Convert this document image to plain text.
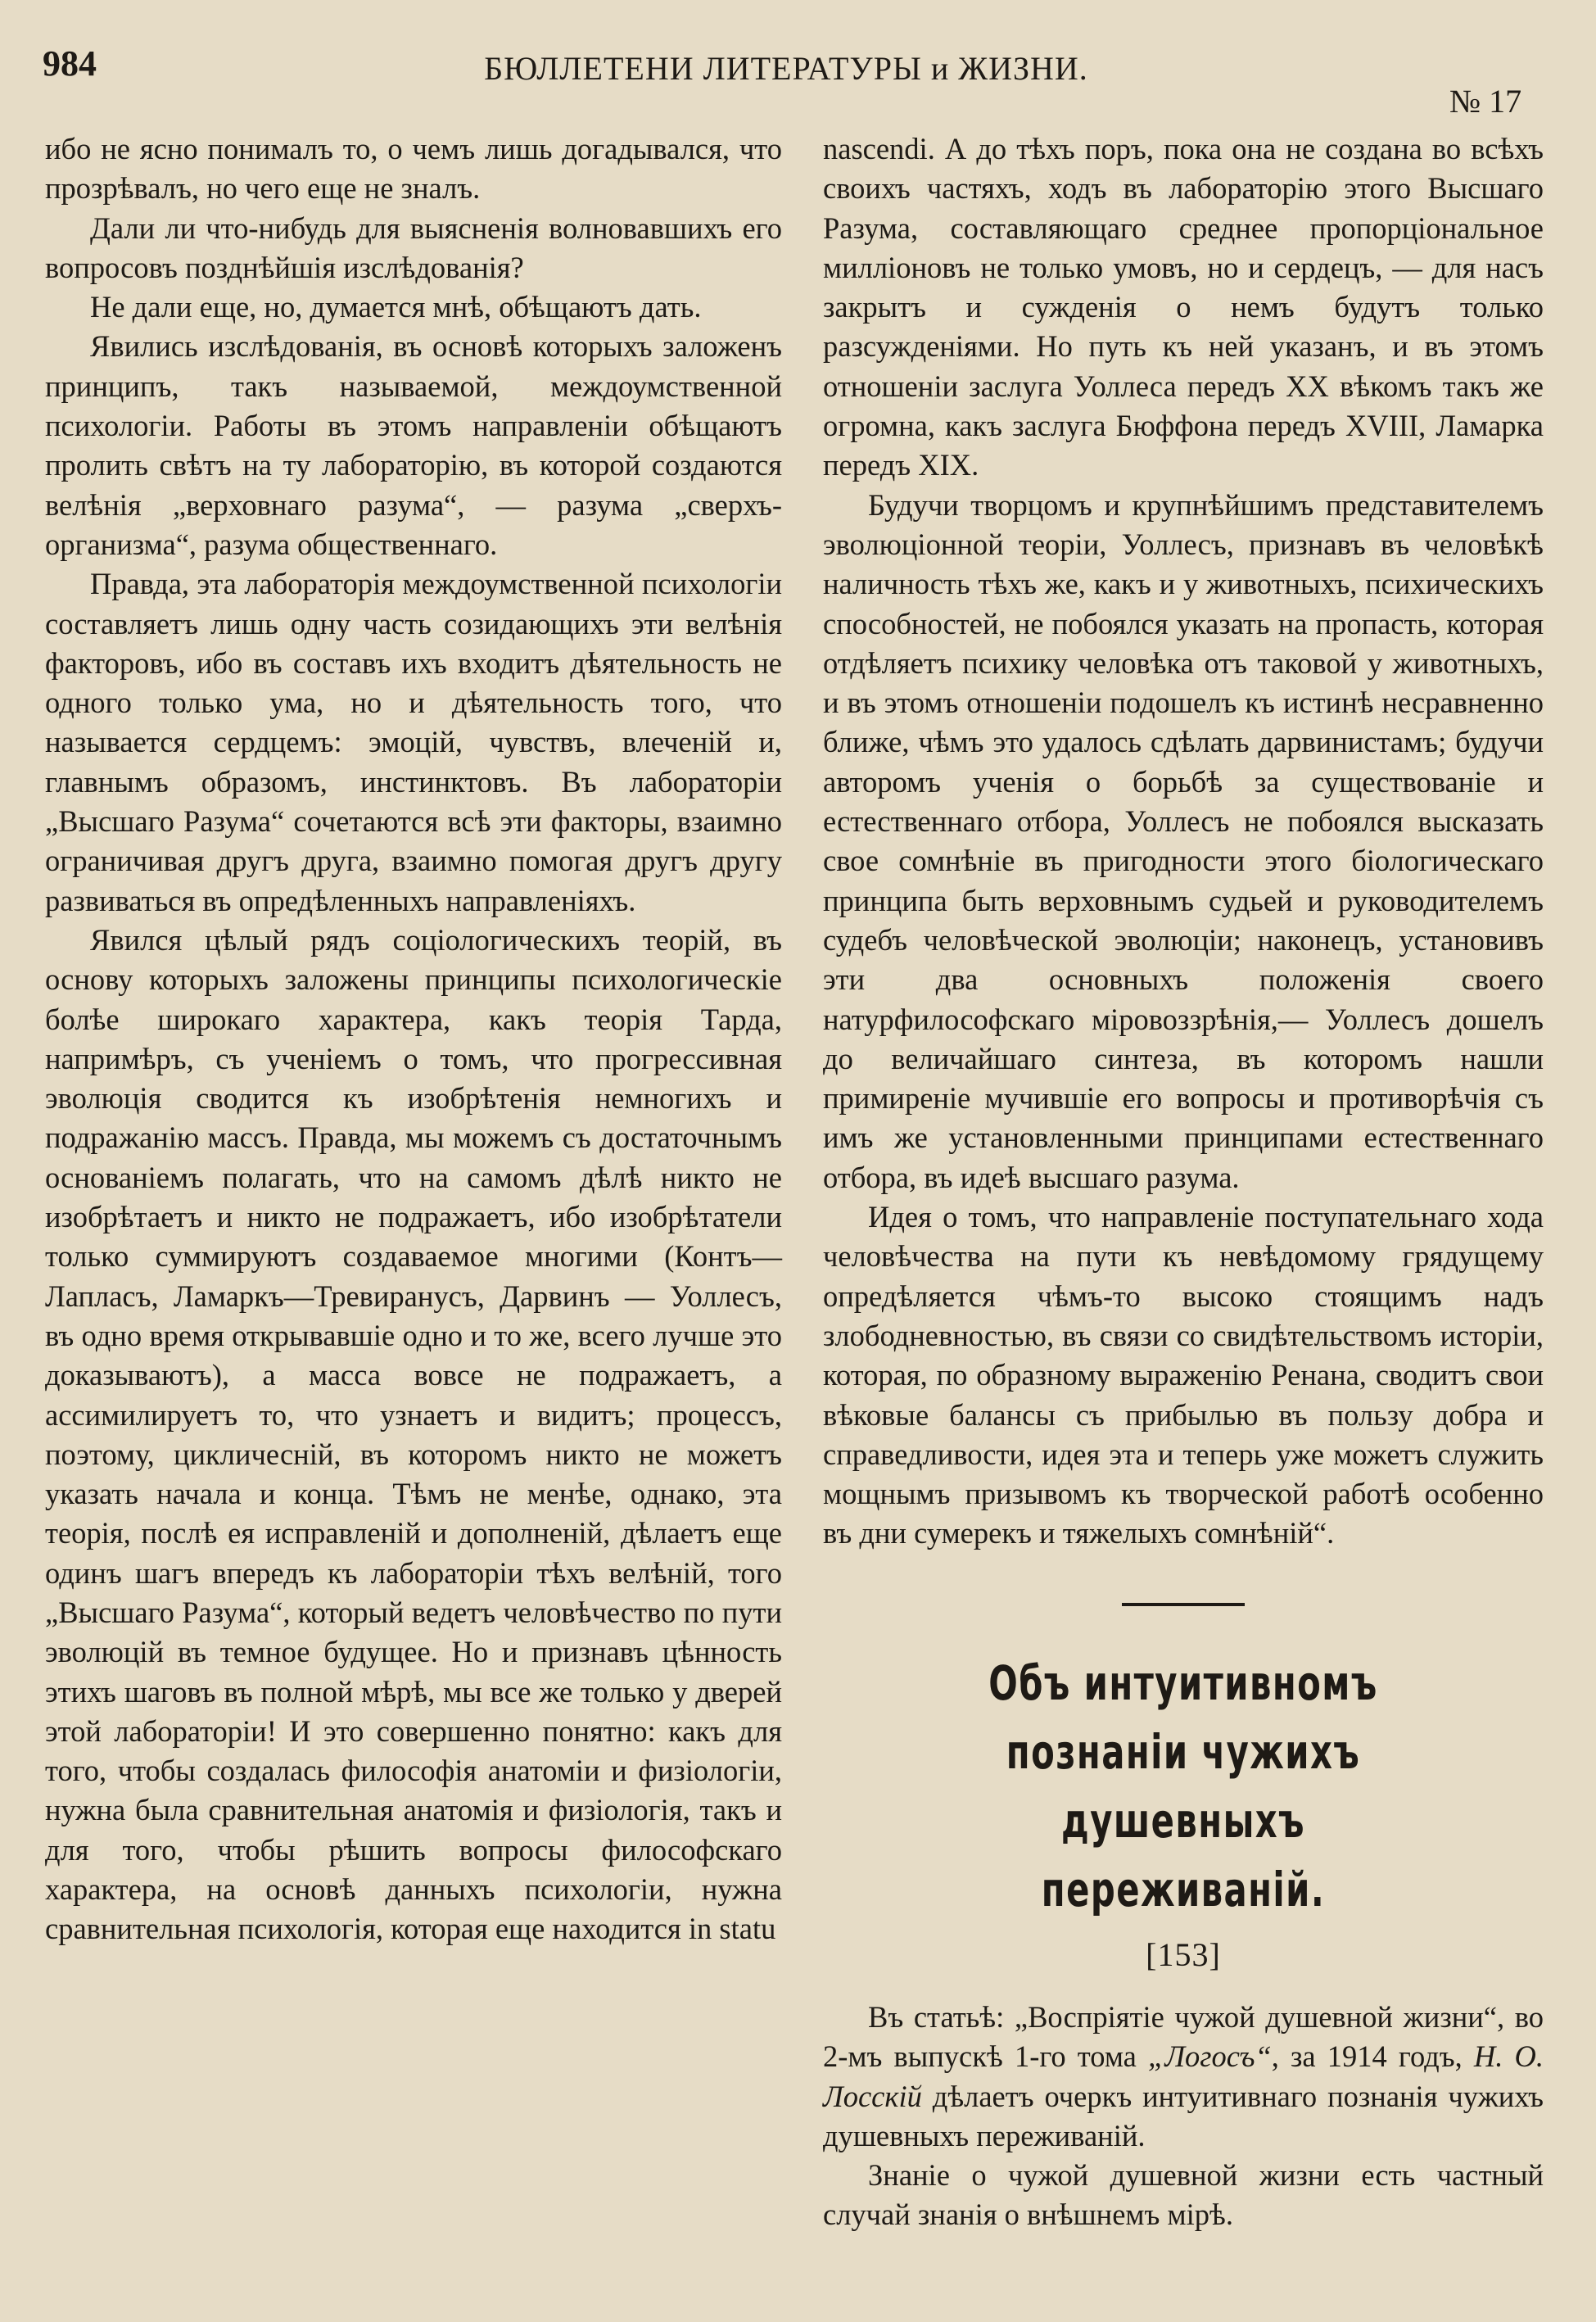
984	БЮЛЛЕТЕНИ ЛИТЕРАТУРЫ и ЖИЗНИ.
№ 17

ибо не ясно понималъ то, о чемъ лишь догадывался, что прозрѣвалъ, но чего еще не зналъ.

Дали ли что-нибудь для выясненія волновавшихъ его вопросовъ позднѣйшія изслѣдованія?

Не дали еще, но, думается мнѣ, обѣщаютъ дать.

Явились изслѣдованія, въ основѣ которыхъ заложенъ принципъ, такъ называемой, междоумственной психологіи. Работы въ этомъ направленіи обѣщаютъ пролить свѣтъ на ту лабораторію, въ которой создаются велѣнія „верховнаго разума“, — разума „сверхъ-организма“, разума общественнаго.

Правда, эта лабораторія междоумственной психологіи составляетъ лишь одну часть созидающихъ эти велѣнія факторовъ, ибо въ составъ ихъ входитъ дѣятельность не одного только ума, но и дѣятельность того, что называется сердцемъ: эмоцій, чувствъ, влеченій и, главнымъ образомъ, инстинктовъ. Въ лабораторіи „Высшаго Разума“ сочетаются всѣ эти факторы, взаимно ограничивая другъ друга, взаимно помогая другъ другу развиваться въ опредѣленныхъ направленіяхъ.

Явился цѣлый рядъ соціологическихъ теорій, въ основу которыхъ заложены принципы психологическіе болѣе широкаго характера, какъ теорія Тарда, напримѣръ, съ ученіемъ о томъ, что прогрессивная эволюція сводится къ изобрѣтенія немногихъ и подражанію массъ. Правда, мы можемъ съ достаточнымъ основаніемъ полагать, что на самомъ дѣлѣ никто не изобрѣтаетъ и никто не подражаетъ, ибо изобрѣтатели только суммируютъ создаваемое многими (Контъ—Лапласъ, Ламаркъ—Тревиранусъ, Дарвинъ — Уоллесъ, въ одно время открывавшіе одно и то же, всего лучше это доказываютъ), а масса вовсе не подражаетъ, а ассимилируетъ то, что узнаетъ и видитъ; процессъ, поэтому, цикличесній, въ которомъ никто не можетъ указать начала и конца. Тѣмъ не менѣе, однако, эта теорія, послѣ ея исправленій и дополненій, дѣлаетъ еще одинъ шагъ впередъ къ лабораторіи тѣхъ велѣній, того „Высшаго Разума“, который ведетъ человѣчество по пути эволюцій въ темное будущее. Но и признавъ цѣнность этихъ шаговъ въ полной мѣрѣ, мы все же только у дверей этой лабораторіи! И это совершенно понятно: какъ для того, чтобы создалась философія анатоміи и физіологіи, нужна была сравнительная анатомія и физіологія, такъ и для того, чтобы рѣшить вопросы философскаго характера, на основѣ данныхъ психологіи, нужна сравнительная психологія, которая еще находится in statu

nascendi. А до тѣхъ поръ, пока она не создана во всѣхъ своихъ частяхъ, ходъ въ лабораторію этого Высшаго Разума, составляющаго среднее пропорціональное милліоновъ не только умовъ, но и сердецъ, — для насъ закрытъ и сужденія о немъ будутъ только разсужденіями. Но путь къ ней указанъ, и въ этомъ отношеніи заслуга Уоллеса передъ XX вѣкомъ такъ же огромна, какъ заслуга Бюффона передъ XVIII, Ламарка передъ XIX.

Будучи творцомъ и крупнѣйшимъ представителемъ эволюціонной теоріи, Уоллесъ, признавъ въ человѣкѣ наличность тѣхъ же, какъ и у животныхъ, психическихъ способностей, не побоялся указать на пропасть, которая отдѣляетъ психику человѣка отъ таковой у животныхъ, и въ этомъ отношеніи подошелъ къ истинѣ несравненно ближе, чѣмъ это удалось сдѣлать дарвинистамъ; будучи авторомъ ученія о борьбѣ за существованіе и естественнаго отбора, Уоллесъ не побоялся высказать свое сомнѣніе въ пригодности этого біологическаго принципа быть верховнымъ судьей и руководителемъ судебъ человѣческой эволюціи; наконецъ, установивъ эти два основныхъ положенія своего натурфилософскаго міровоззрѣнія,— Уоллесъ дошелъ до величайшаго синтеза, въ которомъ нашли примиреніе мучившіе его вопросы и противорѣчія съ имъ же установленными принципами естественнаго отбора, въ идеѣ высшаго разума.

Идея о томъ, что направленіе поступательнаго хода человѣчества на пути къ невѣдомому грядущему опредѣляется чѣмъ-то высоко стоящимъ надъ злободневностью, въ связи со свидѣтельствомъ исторіи, которая, по образному выраженію Ренана, сводитъ свои вѣковые балансы съ прибылью въ пользу добра и справедливости, идея эта и теперь уже можетъ служить мощнымъ призывомъ къ творческой работѣ особенно въ дни сумерекъ и тяжелыхъ сомнѣній“.

Объ интуитивномъ познаніи чужихъ душевныхъ переживаній.
[153]

Въ статьѣ: „Воспріятіе чужой душевной жизни“, во 2-мъ выпускѣ 1-го тома „Логосъ“, за 1914 годъ, Н. О. Лосскій дѣлаетъ очеркъ интуитивнаго познанія чужихъ душевныхъ переживаній.

Знаніе о чужой душевной жизни есть частный случай знанія о внѣшнемъ мірѣ.
